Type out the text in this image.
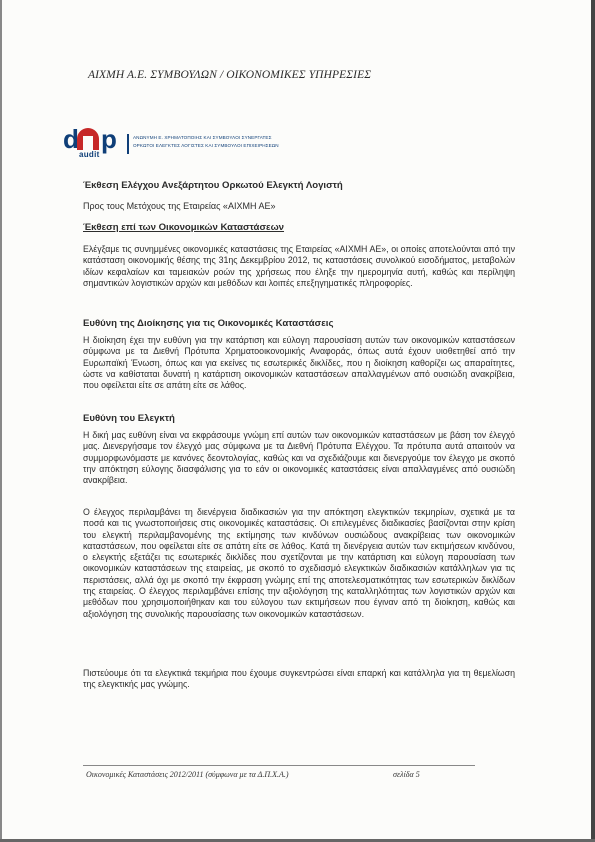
ΑΙΧΜΗ Α.Ε. ΣΥΜΒΟΥΛΩΝ / ΟΙΚΟΝΟΜΙΚΕΣ ΥΠΗΡΕΣΙΕΣ
d p
audit
ΑΝΩΝΥΜΗ Ε. ΧΡΗΜΑΤΟΠΟΙΗΣ ΚΑΙ ΣΥΜΒΟΥΛΟΙ ΣΥΝΕΡΓΑΤΕΣ
ΟΡΚΩΤΟΙ ΕΛΕΓΚΤΕΣ ΛΟΓΙΣΤΕΣ ΚΑΙ ΣΥΜΒΟΥΛΟΙ ΕΠΙΧΕΙΡΗΣΕΩΝ
Έκθεση Ελέγχου Ανεξάρτητου Ορκωτού Ελεγκτή Λογιστή
Προς τους Μετόχους της Εταιρείας «ΑΙΧΜΗ ΑΕ»
Έκθεση επί των Οικονομικών Καταστάσεων
Ελέγξαμε τις συνημμένες οικονομικές καταστάσεις της Εταιρείας «ΑΙΧΜΗ ΑΕ», οι οποίες αποτελούνται από την κατάσταση οικονομικής θέσης της 31ης Δεκεμβρίου 2012, τις καταστάσεις συνολικού εισοδήματος, μεταβολών ιδίων κεφαλαίων και ταμειακών ροών της χρήσεως που έληξε την ημερομηνία αυτή, καθώς και περίληψη σημαντικών λογιστικών αρχών και μεθόδων και λοιπές επεξηγηματικές πληροφορίες.
Ευθύνη της Διοίκησης για τις Οικονομικές Καταστάσεις
Η διοίκηση έχει την ευθύνη για την κατάρτιση και εύλογη παρουσίαση αυτών των οικονομικών καταστάσεων σύμφωνα με τα Διεθνή Πρότυπα Χρηματοοικονομικής Αναφοράς, όπως αυτά έχουν υιοθετηθεί από την Ευρωπαϊκή Ένωση, όπως και για εκείνες τις εσωτερικές δικλίδες, που η διοίκηση καθορίζει ως απαραίτητες, ώστε να καθίσταται δυνατή η κατάρτιση οικονομικών καταστάσεων απαλλαγμένων από ουσιώδη ανακρίβεια, που οφείλεται είτε σε απάτη είτε σε λάθος.
Ευθύνη του Ελεγκτή
Η δική μας ευθύνη είναι να εκφράσουμε γνώμη επί αυτών των οικονομικών καταστάσεων με βάση τον έλεγχό μας. Διενεργήσαμε τον έλεγχό μας σύμφωνα με τα Διεθνή Πρότυπα Ελέγχου. Τα πρότυπα αυτά απαιτούν να συμμορφωνόμαστε με κανόνες δεοντολογίας, καθώς και να σχεδιάζουμε και διενεργούμε τον έλεγχο με σκοπό την απόκτηση εύλογης διασφάλισης για το εάν οι οικονομικές καταστάσεις είναι απαλλαγμένες από ουσιώδη ανακρίβεια.
Ο έλεγχος περιλαμβάνει τη διενέργεια διαδικασιών για την απόκτηση ελεγκτικών τεκμηρίων, σχετικά με τα ποσά και τις γνωστοποιήσεις στις οικονομικές καταστάσεις. Οι επιλεγμένες διαδικασίες βασίζονται στην κρίση του ελεγκτή περιλαμβανομένης της εκτίμησης των κινδύνων ουσιώδους ανακρίβειας των οικονομικών καταστάσεων, που οφείλεται είτε σε απάτη είτε σε λάθος. Κατά τη διενέργεια αυτών των εκτιμήσεων κινδύνου, ο ελεγκτής εξετάζει τις εσωτερικές δικλίδες που σχετίζονται με την κατάρτιση και εύλογη παρουσίαση των οικονομικών καταστάσεων της εταιρείας, με σκοπό το σχεδιασμό ελεγκτικών διαδικασιών κατάλληλων για τις περιστάσεις, αλλά όχι με σκοπό την έκφραση γνώμης επί της αποτελεσματικότητας των εσωτερικών δικλίδων της εταιρείας. Ο έλεγχος περιλαμβάνει επίσης την αξιολόγηση της καταλληλότητας των λογιστικών αρχών και μεθόδων που χρησιμοποιήθηκαν και του εύλογου των εκτιμήσεων που έγιναν από τη διοίκηση, καθώς και αξιολόγηση της συνολικής παρουσίασης των οικονομικών καταστάσεων.
Πιστεύουμε ότι τα ελεγκτικά τεκμήρια που έχουμε συγκεντρώσει είναι επαρκή και κατάλληλα για τη θεμελίωση της ελεγκτικής μας γνώμης.
Οικονομικές Καταστάσεις 2012/2011 (σύμφωνα με τα Δ.Π.Χ.Α.)	σελίδα 5
